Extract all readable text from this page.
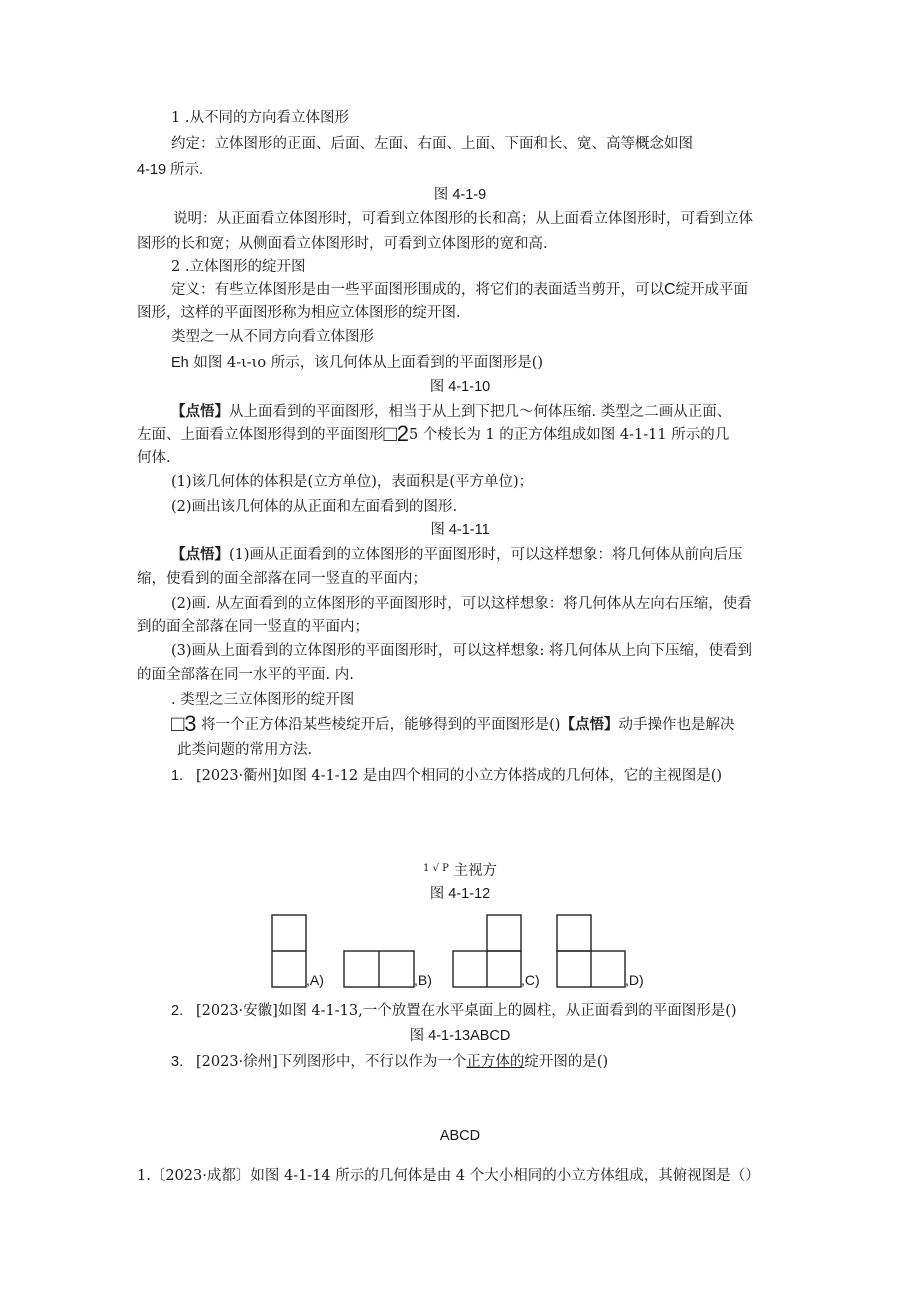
1 .从不同的方向看立体图形
约定：立体图形的正面、后面、左面、右面、上面、下面和长、宽、高等概念如图
4-19 所示.
图 4-1-9
说明：从正面看立体图形时，可看到立体图形的长和高；从上面看立体图形时，可看到立体
图形的长和宽；从侧面看立体图形时，可看到立体图形的宽和高.
2 .立体图形的绽开图
定义：有些立体图形是由一些平面图形围成的，将它们的表面适当剪开，可以C绽开成平面
图形，这样的平面图形称为相应立体图形的绽开图.
类型之一从不同方向看立体图形
Eh 如图 4-ι-ιo 所示，该几何体从上面看到的平面图形是()
图 4-1-10
【点悟】从上面看到的平面图形，相当于从上到下把几～何体压缩. 类型之二画从正面、
左面、上面看立体图形得到的平面图形□25 个棱长为 1 的正方体组成如图 4-1-11 所示的几
何体.
(1)该几何体的体积是(立方单位)，表面积是(平方单位)；
(2)画出该几何体的从正面和左面看到的图形.
图 4-1-11
【点悟】(1)画从正面看到的立体图形的平面图形时，可以这样想象：将几何体从前向后压
缩，使看到的面全部落在同一竖直的平面内；
(2)画. 从左面看到的立体图形的平面图形时，可以这样想象：将几何体从左向右压缩，使看
到的面全部落在同一竖直的平面内；
(3)画从上面看到的立体图形的平面图形时，可以这样想象: 将几何体从上向下压缩，使看到
的面全部落在同一水平的平面. 内.
. 类型之三立体图形的绽开图
□3 将一个正方体沿某些棱绽开后，能够得到的平面图形是()【点悟】动手操作也是解决
此类问题的常用方法.
1. [2023·衢州]如图 4-1-12 是由四个相同的小立方体搭成的几何体，它的主视图是()
$^{1 √ P}$ 主视方
图 4-1-12
,A)	,B)	,C)	,D)
2. [2023·安徽]如图 4-1-13,一个放置在水平桌面上的圆柱，从正面看到的平面图形是()
图 4-1-13ABCD
3. [2023·徐州]下列图形中，不行以作为一个正方体的绽开图的是()
ABCD
1.〔2023·成都〕如图 4-1-14 所示的几何体是由 4 个大小相同的小立方体组成，其俯视图是（）
